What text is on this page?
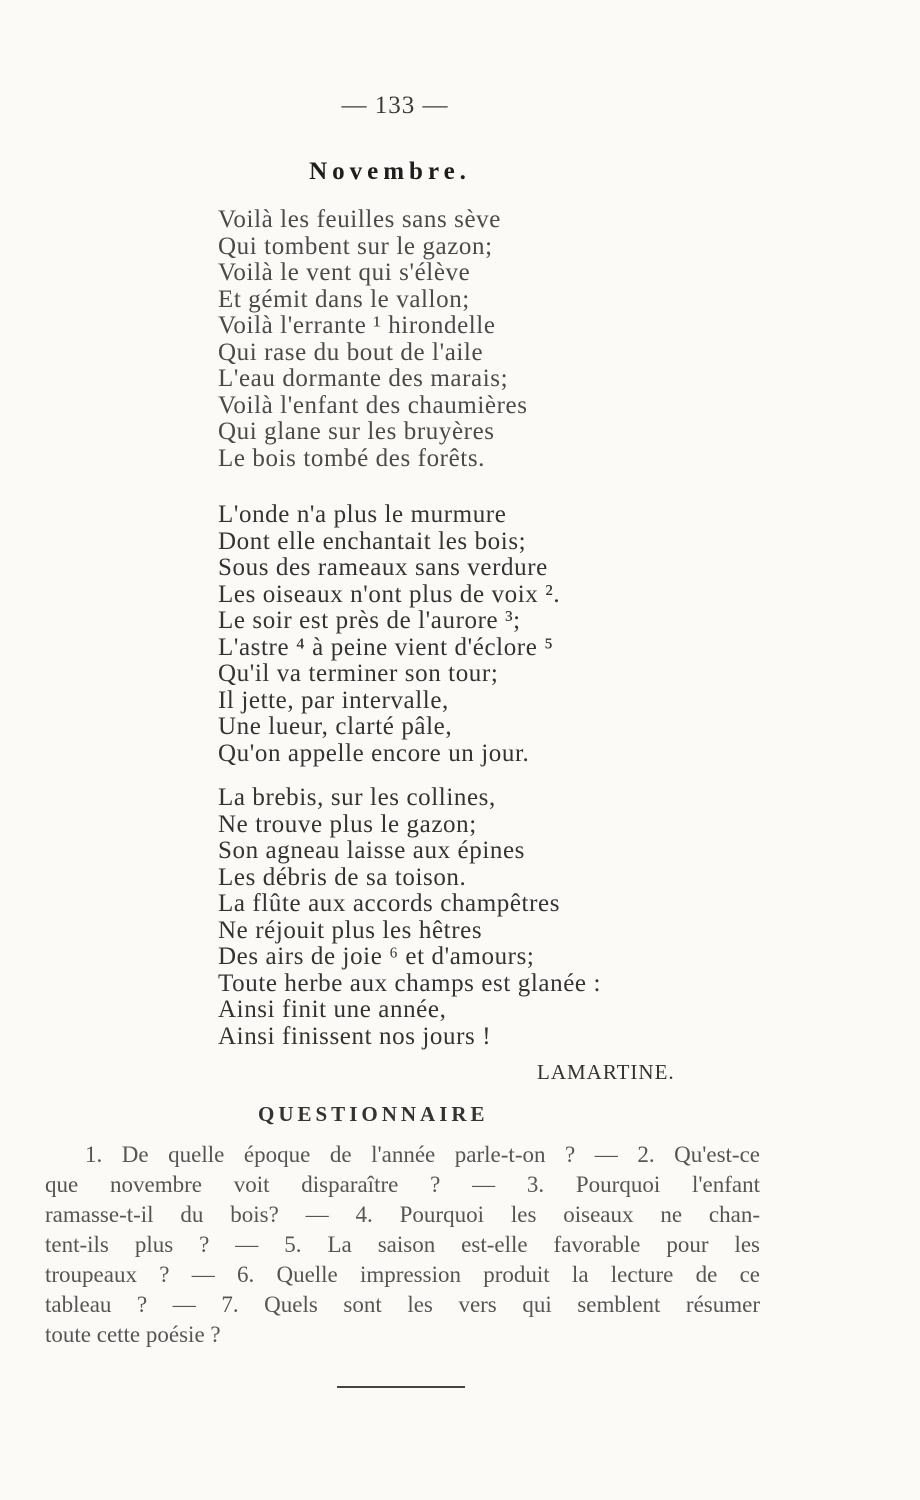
— 133 —
Novembre.
Voilà les feuilles sans sève
Qui tombent sur le gazon;
Voilà le vent qui s'élève
Et gémit dans le vallon;
Voilà l'errante ¹ hirondelle
Qui rase du bout de l'aile
L'eau dormante des marais;
Voilà l'enfant des chaumières
Qui glane sur les bruyères
Le bois tombé des forêts.
L'onde n'a plus le murmure
Dont elle enchantait les bois;
Sous des rameaux sans verdure
Les oiseaux n'ont plus de voix ².
Le soir est près de l'aurore ³;
L'astre ⁴ à peine vient d'éclore ⁵
Qu'il va terminer son tour;
Il jette, par intervalle,
Une lueur, clarté pâle,
Qu'on appelle encore un jour.
La brebis, sur les collines,
Ne trouve plus le gazon;
Son agneau laisse aux épines
Les débris de sa toison.
La flûte aux accords champêtres
Ne réjouit plus les hêtres
Des airs de joie ⁶ et d'amours;
Toute herbe aux champs est glanée :
Ainsi finit une année,
Ainsi finissent nos jours !
LAMARTINE.
QUESTIONNAIRE
1. De quelle époque de l'année parle-t-on ? — 2. Qu'est-ce
que novembre voit disparaître ? — 3. Pourquoi l'enfant
ramasse-t-il du bois? — 4. Pourquoi les oiseaux ne chan-
tent-ils plus ? — 5. La saison est-elle favorable pour les
troupeaux ? — 6. Quelle impression produit la lecture de ce
tableau ? — 7. Quels sont les vers qui semblent résumer
toute cette poésie ?
